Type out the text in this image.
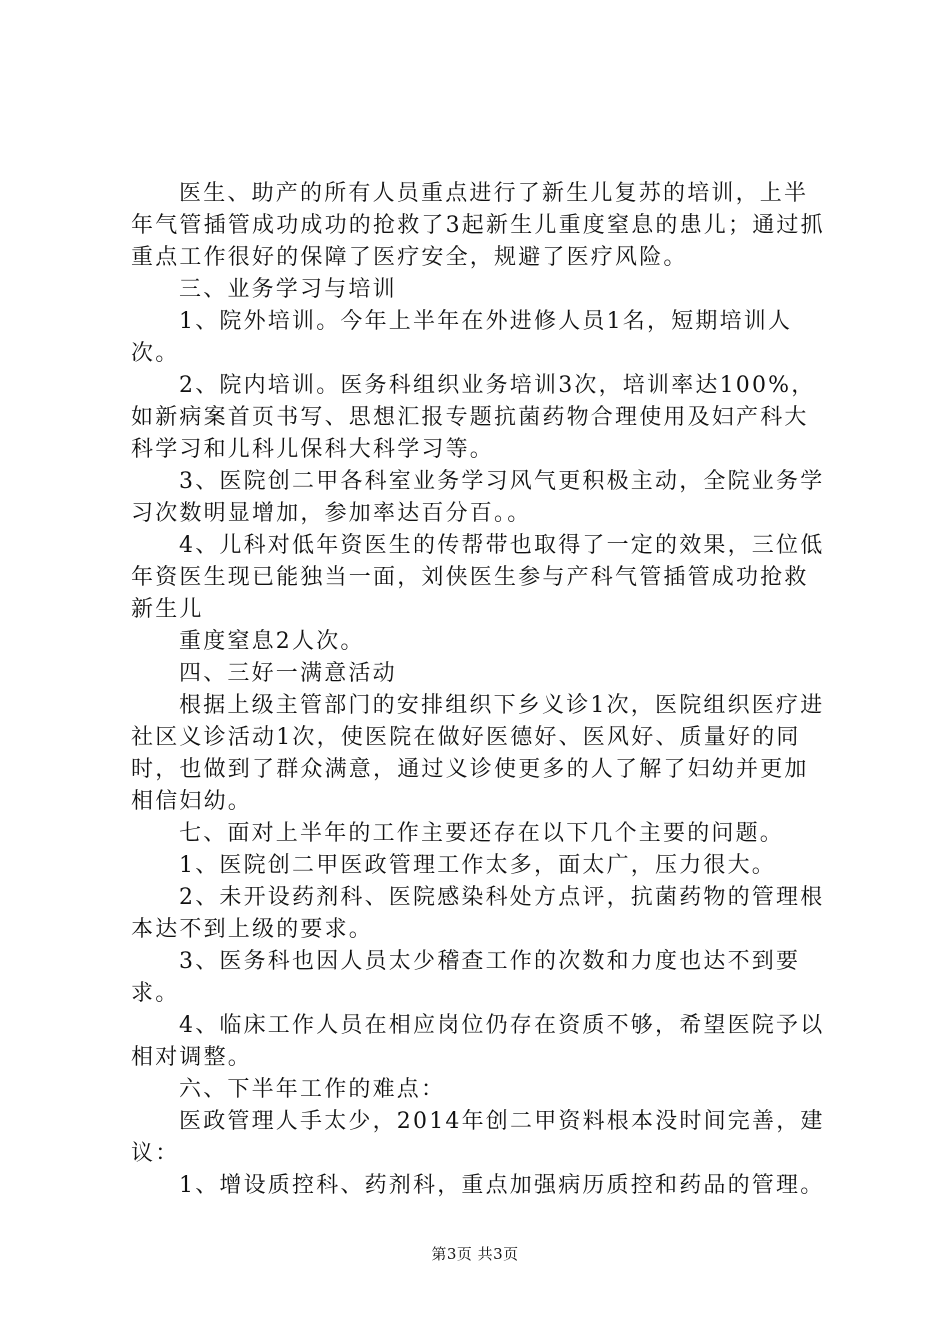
医生、助产的所有人员重点进行了新生儿复苏的培训，上半年气管插管成功成功的抢救了3起新生儿重度窒息的患儿；通过抓重点工作很好的保障了医疗安全，规避了医疗风险。

三、业务学习与培训

1、院外培训。今年上半年在外进修人员1名，短期培训人次。

2、院内培训。医务科组织业务培训3次，培训率达100%，如新病案首页书写、思想汇报专题抗菌药物合理使用及妇产科大科学习和儿科儿保科大科学习等。

3、医院创二甲各科室业务学习风气更积极主动，全院业务学习次数明显增加，参加率达百分百。。

4、儿科对低年资医生的传帮带也取得了一定的效果，三位低年资医生现已能独当一面，刘侠医生参与产科气管插管成功抢救新生儿

重度窒息2人次。

四、三好一满意活动

根据上级主管部门的安排组织下乡义诊1次，医院组织医疗进社区义诊活动1次，使医院在做好医德好、医风好、质量好的同时，也做到了群众满意，通过义诊使更多的人了解了妇幼并更加相信妇幼。

七、面对上半年的工作主要还存在以下几个主要的问题。

1、医院创二甲医政管理工作太多，面太广，压力很大。

2、未开设药剂科、医院感染科处方点评，抗菌药物的管理根本达不到上级的要求。

3、医务科也因人员太少稽查工作的次数和力度也达不到要求。

4、临床工作人员在相应岗位仍存在资质不够，希望医院予以相对调整。

六、下半年工作的难点：

医政管理人手太少，2014年创二甲资料根本没时间完善，建议：

1、增设质控科、药剂科，重点加强病历质控和药品的管理。

第3页 共3页
